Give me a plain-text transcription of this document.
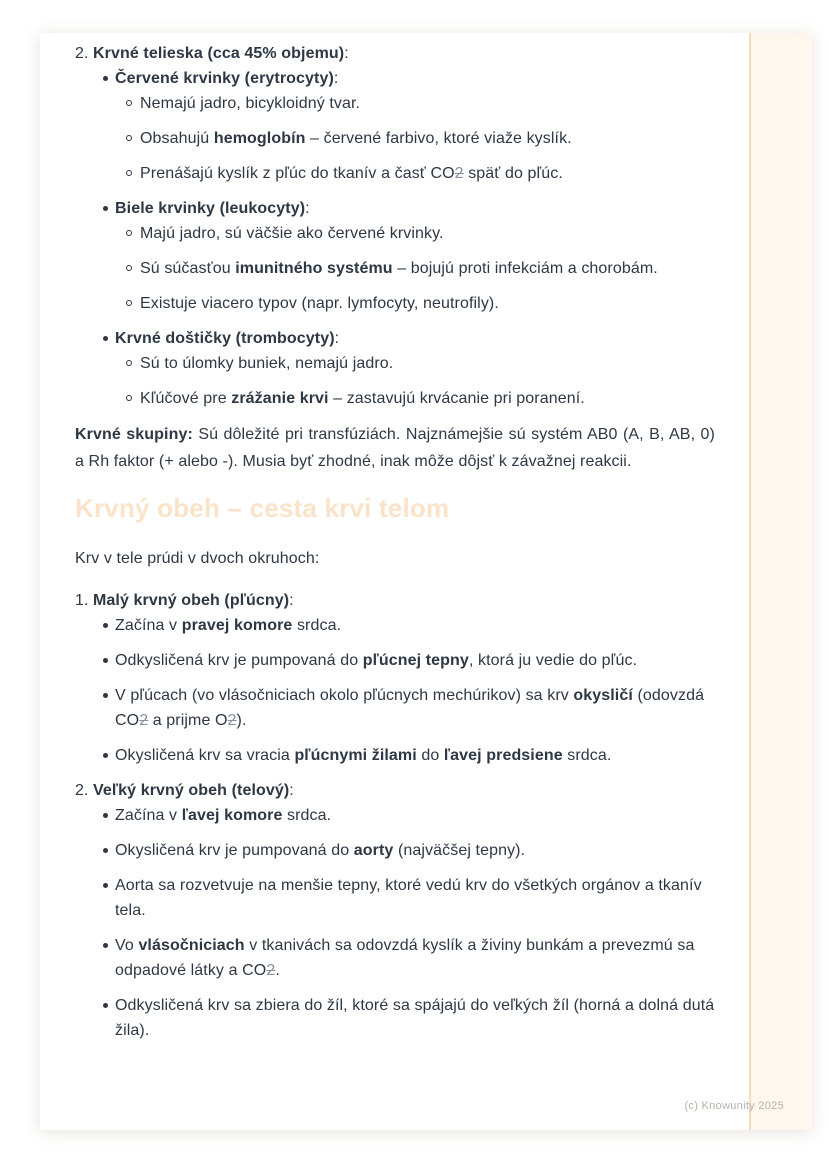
2. Krvné telieska (cca 45% objemu):
Červené krvinky (erytrocyty):
Nemajú jadro, bicykloidný tvar.
Obsahujú hemoglobín – červené farbivo, ktoré viaže kyslík.
Prenášajú kyslík z pľúc do tkanív a časť CO2 späť do pľúc.
Biele krvinky (leukocyty):
Majú jadro, sú väčšie ako červené krvinky.
Sú súčasťou imunitného systému – bojujú proti infekciám a chorobám.
Existuje viacero typov (napr. lymfocyty, neutrofily).
Krvné doštičky (trombocyty):
Sú to úlomky buniek, nemajú jadro.
Kľúčové pre zrážanie krvi – zastavujú krvácanie pri poranení.

Krvné skupiny: Sú dôležité pri transfúziách. Najznámejšie sú systém AB0 (A, B, AB, 0) a Rh faktor (+ alebo -). Musia byť zhodné, inak môže dôjsť k závažnej reakcii.

Krvný obeh – cesta krvi telom

Krv v tele prúdi v dvoch okruhoch:

1. Malý krvný obeh (pľúcny):
Začína v pravej komore srdca.
Odkysličená krv je pumpovaná do pľúcnej tepny, ktorá ju vedie do pľúc.
V pľúcach (vo vlásočniciach okolo pľúcnych mechúrikov) sa krv okysličí (odovzdá CO2 a prijme O2).
Okysličená krv sa vracia pľúcnymi žilami do ľavej predsiene srdca.
2. Veľký krvný obeh (telový):
Začína v ľavej komore srdca.
Okysličená krv je pumpovaná do aorty (najväčšej tepny).
Aorta sa rozvetvuje na menšie tepny, ktoré vedú krv do všetkých orgánov a tkanív tela.
Vo vlásočniciach v tkanivách sa odovzdá kyslík a živiny bunkám a prevezmú sa odpadové látky a CO2.
Odkysličená krv sa zbiera do žíl, ktoré sa spájajú do veľkých žíl (horná a dolná dutá žila).
(c) Knowunity 2025
